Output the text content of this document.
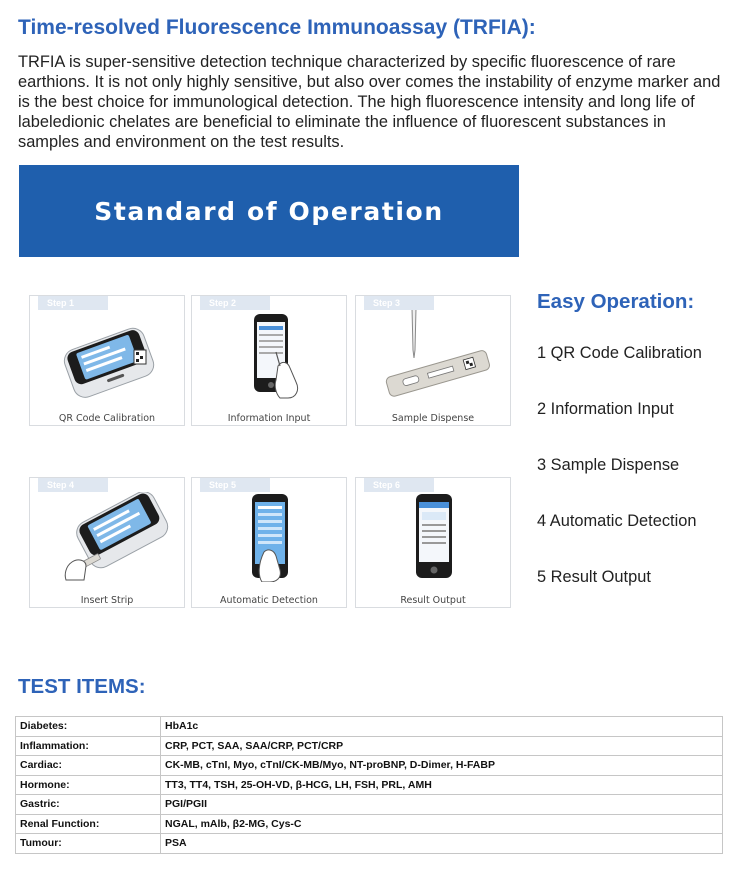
Time-resolved Fluorescence Immunoassay (TRFIA):

TRFIA is super-sensitive detection technique characterized by specific fluorescence of rare earthions. It is not only highly sensitive, but also over comes the instability of enzyme marker and is the best choice for immunological detection. The high fluorescence intensity and long life of labeledionic chelates are beneficial to eliminate the influence of fluorescent substances in samples and environment on the test results.

Standard of Operation
Step 1
QR Code Calibration
Step 2
Information Input
Step 3
Sample Dispense
Step 4
Insert Strip
Step 5
Automatic Detection
Step 6
Result Output
Easy Operation:
1 QR Code Calibration
2 Information Input
3 Sample Dispense
4 Automatic Detection
5 Result Output
TEST ITEMS:
Diabetes:	HbA1c
Inflammation:	CRP, PCT, SAA, SAA/CRP, PCT/CRP
Cardiac:	CK-MB, cTnI, Myo, cTnI/CK-MB/Myo, NT-proBNP, D-Dimer, H-FABP
Hormone:	TT3, TT4, TSH, 25-OH-VD, β-HCG, LH, FSH, PRL, AMH
Gastric:	PGI/PGII
Renal Function:	NGAL, mAlb, β2-MG, Cys-C
Tumour:	PSA
